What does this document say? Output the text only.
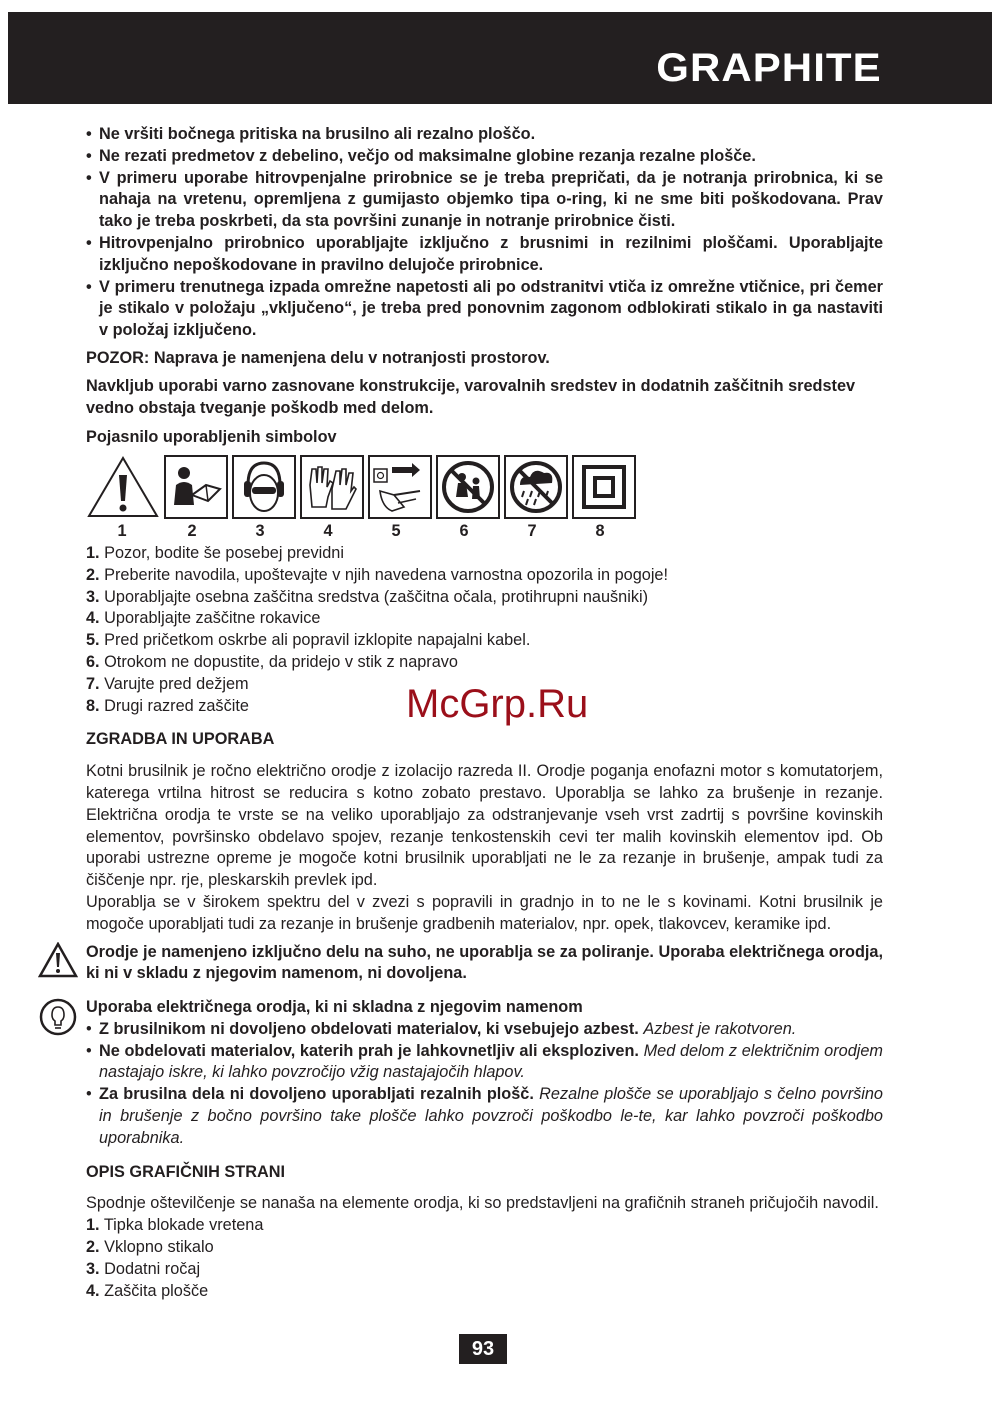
GRAPHITE
• Ne vršiti bočnega pritiska na brusilno ali rezalno ploščo.
• Ne rezati predmetov z debelino, večjo od maksimalne globine rezanja rezalne plošče.
• V primeru uporabe hitrovpenjalne prirobnice se je treba prepričati, da je notranja prirobnica, ki se nahaja na vretenu, opremljena z gumijasto objemko tipa o-ring, ki ne sme biti poškodovana. Prav tako je treba poskrbeti, da sta površini zunanje in notranje prirobnice čisti.
• Hitrovpenjalno prirobnico uporabljajte izključno z brusnimi in rezilnimi ploščami. Uporabljajte izključno nepoškodovane in pravilno delujoče prirobnice.
• V primeru trenutnega izpada omrežne napetosti ali po odstranitvi vtiča iz omrežne vtičnice, pri čemer je stikalo v položaju „vključeno“, je treba pred ponovnim zagonom odblokirati stikalo in ga nastaviti v položaj izključeno.

POZOR: Naprava je namenjena delu v notranjosti prostorov.

Navkljub uporabi varno zasnovane konstrukcije, varovalnih sredstev in dodatnih zaščitnih sredstev vedno obstaja tveganje poškodb med delom.

Pojasnilo uporabljenih simbolov

1	2	3	4	5	6	7	8
1. Pozor, bodite še posebej previdni
2. Preberite navodila, upoštevajte v njih navedena varnostna opozorila in pogoje!
3. Uporabljajte osebna zaščitna sredstva (zaščitna očala, protihrupni naušniki)
4. Uporabljajte zaščitne rokavice
5. Pred pričetkom oskrbe ali popravil izklopite napajalni kabel.
6. Otrokom ne dopustite, da pridejo v stik z napravo
7. Varujte pred dežjem
8. Drugi razred zaščite
ZGRADBA IN UPORABA

Kotni brusilnik je ročno električno orodje z izolacijo razreda II. Orodje poganja enofazni motor s komutatorjem, katerega vrtilna hitrost se reducira s kotno zobato prestavo. Uporablja se lahko za brušenje in rezanje. Električna orodja te vrste se na veliko uporabljajo za odstranjevanje vseh vrst zadrtij s površine kovinskih elementov, površinsko obdelavo spojev, rezanje tenkostenskih cevi ter malih kovinskih elementov ipd. Ob uporabi ustrezne opreme je mogoče kotni brusilnik uporabljati ne le za rezanje in brušenje, ampak tudi za čiščenje npr. rje, pleskarskih prevlek ipd.

Uporablja se v širokem spektru del v zvezi s popravili in gradnjo in to ne le s kovinami. Kotni brusilnik je mogoče uporabljati tudi za rezanje in brušenje gradbenih materialov, npr. opek, tlakovcev, keramike ipd.

Orodje je namenjeno izključno delu na suho, ne uporablja se za poliranje. Uporaba električnega orodja, ki ni v skladu z njegovim namenom, ni dovoljena.

Uporaba električnega orodja, ki ni skladna z njegovim namenom

• Z brusilnikom ni dovoljeno obdelovati materialov, ki vsebujejo azbest. Azbest je rakotvoren.
• Ne obdelovati materialov, katerih prah je lahkovnetljiv ali eksploziven. Med delom z električnim orodjem nastajajo iskre, ki lahko povzročijo vžig nastajajočih hlapov.
• Za brusilna dela ni dovoljeno uporabljati rezalnih plošč. Rezalne plošče se uporabljajo s čelno površino in brušenje z bočno površino take plošče lahko povzroči poškodbo le-te, kar lahko povzroči poškodbo uporabnika.
OPIS GRAFIČNIH STRANI

Spodnje oštevilčenje se nanaša na elemente orodja, ki so predstavljeni na grafičnih straneh pričujočih navodil.

1. Tipka blokade vretena
2. Vklopno stikalo
3. Dodatni ročaj
4. Zaščita plošče
McGrp.Ru
93
